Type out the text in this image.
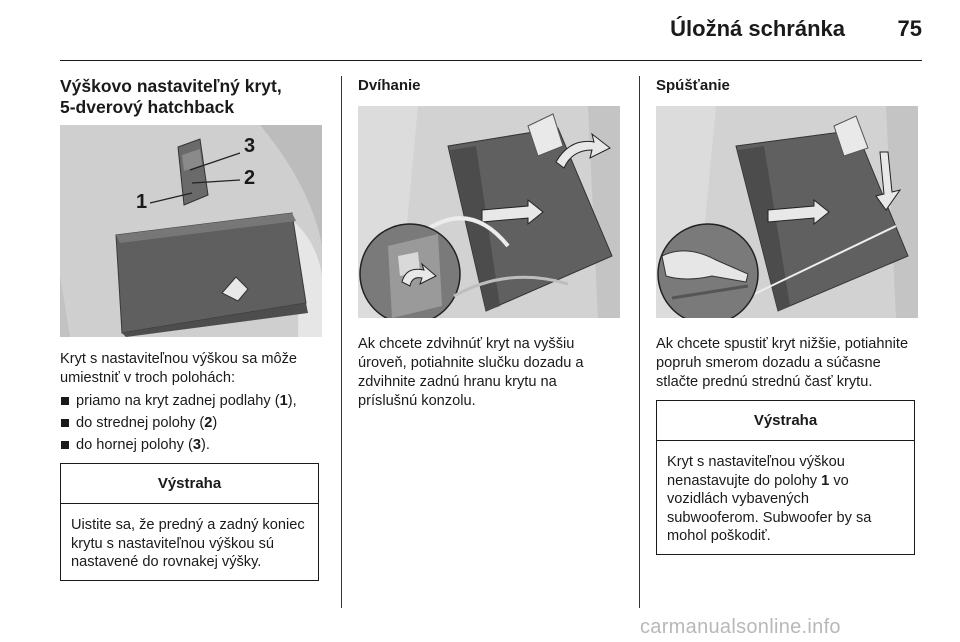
Úložná schránka	75
Výškovo nastaviteľný kryt,
5-dverový hatchback
3
2
1

Kryt s nastaviteľnou výškou sa môže umiestniť v troch polohách:

priamo na kryt zadnej podlahy (1),
do strednej polohy (2)
do hornej polohy (3).
Výstraha
Uistite sa, že predný a zadný koniec krytu s nastaviteľnou výškou sú nastavené do rovnakej výšky.
Dvíhanie

Ak chcete zdvihnúť kryt na vyššiu úroveň, potiahnite slučku dozadu a zdvihnite zadnú hranu krytu na príslušnú konzolu.

Spúšťanie

Ak chcete spustiť kryt nižšie, potiahnite popruh smerom dozadu a súčasne stlačte prednú strednú časť krytu.

Výstraha
Kryt s nastaviteľnou výškou nenastavujte do polohy 1 vo vozidlách vybavených subwooferom. Subwoofer by sa mohol poškodiť.
carmanualsonline.info
